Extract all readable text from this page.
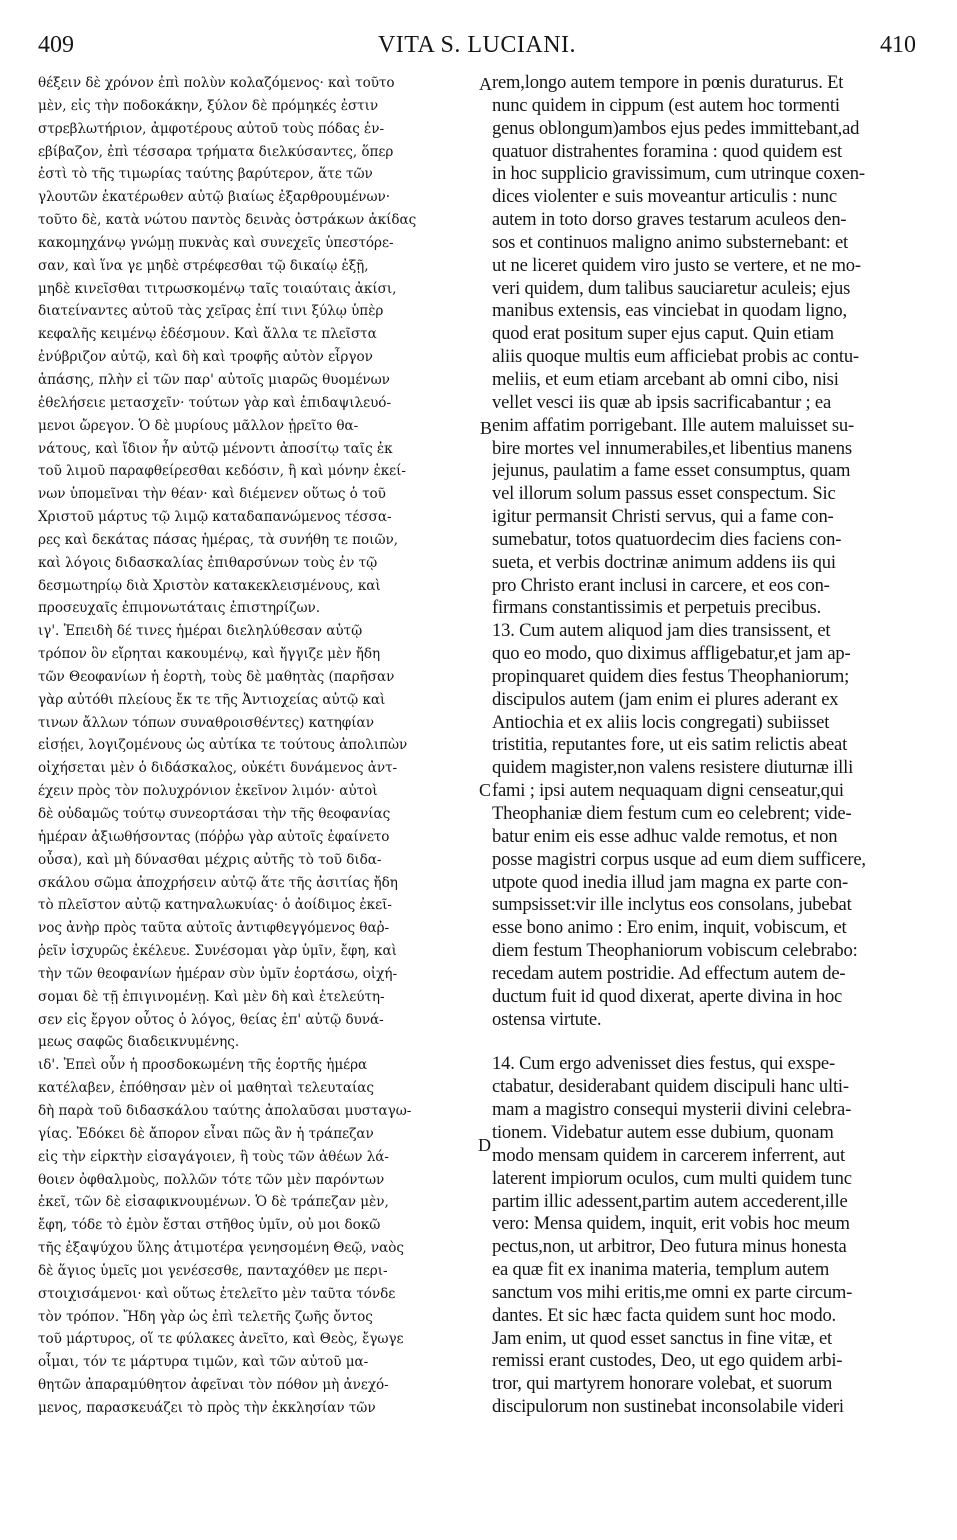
409	VITA S. LUCIANI.	410
θέξειν δὲ χρόνον ἐπὶ πολὺν κολαζόμενος· καὶ τοῦτο
μὲν, εἰς τὴν ποδοκάκην, ξύλον δὲ πρόμηκές ἐστιν
στρεβλωτήριον, ἀμφοτέρους αὐτοῦ τοὺς πόδας ἐν-
εβίβαζον, ἐπὶ τέσσαρα τρήματα διελκύσαντες, ὅπερ
ἐστὶ τὸ τῆς τιμωρίας ταύτης βαρύτερον, ἅτε τῶν
γλουτῶν ἑκατέρωθεν αὐτῷ βιαίως ἐξαρθρουμένων·
τοῦτο δὲ, κατὰ νώτου παντὸς δεινὰς ὀστράκων ἀκίδας
κακομηχάνῳ γνώμῃ πυκνὰς καὶ συνεχεῖς ὑπεστόρε-
σαν, καὶ ἵνα γε μηδὲ στρέφεσθαι τῷ δικαίῳ ἐξῇ,
μηδὲ κινεῖσθαι τιτρωσκομένῳ ταῖς τοιαύταις ἀκίσι,
διατείναντες αὐτοῦ τὰς χεῖρας ἐπί τινι ξύλῳ ὑπὲρ
κεφαλῆς κειμένῳ ἐδέσμουν. Καὶ ἄλλα τε πλεῖστα
ἐνύβριζον αὐτῷ, καὶ δὴ καὶ τροφῆς αὐτὸν εἶργον
ἁπάσης, πλὴν εἰ τῶν παρ' αὐτοῖς μιαρῶς θυομένων
ἐθελήσειε μετασχεῖν· τούτων γὰρ καὶ ἐπιδαψιλευό-
μενοι ὤρεγον. Ὁ δὲ μυρίους μᾶλλον ᾑρεῖτο θα-
νάτους, καὶ ἴδιον ἦν αὐτῷ μένοντι ἀποσίτῳ ταῖς ἐκ
τοῦ λιμοῦ παραφθείρεσθαι κεδόσιν, ἢ καὶ μόνην ἐκεί-
νων ὑπομεῖναι τὴν θέαν· καὶ διέμενεν οὕτως ὁ τοῦ
Χριστοῦ μάρτυς τῷ λιμῷ καταδαπανώμενος τέσσα-
ρες καὶ δεκάτας πάσας ἡμέρας, τὰ συνήθη τε ποιῶν,
καὶ λόγοις διδασκαλίας ἐπιθαρσύνων τοὺς ἐν τῷ
δεσμωτηρίῳ διὰ Χριστὸν κατακεκλεισμένους, καὶ
προσευχαῖς ἐπιμονωτάταις ἐπιστηρίζων.
ιγ'. Ἐπειδὴ δέ τινες ἡμέραι διεληλύθεσαν αὐτῷ
τρόπον ὃν εἴρηται κακουμένῳ, καὶ ἤγγιζε μὲν ἤδη
τῶν Θεοφανίων ἡ ἑορτὴ, τοὺς δὲ μαθητὰς (παρῆσαν
γὰρ αὐτόθι πλείους ἔκ τε τῆς Ἀντιοχείας αὐτῷ καὶ
τινων ἄλλων τόπων συναθροισθέντες) κατηφίαν
εἰσῄει, λογιζομένους ὡς αὐτίκα τε τούτους ἀπολιπὼν
οἰχήσεται μὲν ὁ διδάσκαλος, οὐκέτι δυνάμενος ἀντ-
έχειν πρὸς τὸν πολυχρόνιον ἐκεῖνον λιμόν· αὐτοὶ
δὲ οὐδαμῶς τούτῳ συνεορτάσαι τὴν τῆς θεοφανίας
ἡμέραν ἀξιωθήσοντας (πόῤῥω γὰρ αὐτοῖς ἐφαίνετο
οὖσα), καὶ μὴ δύνασθαι μέχρις αὐτῆς τὸ τοῦ διδα-
σκάλου σῶμα ἀποχρήσειν αὐτῷ ἅτε τῆς ἀσιτίας ἤδη
τὸ πλεῖστον αὐτῷ κατηναλωκυίας· ὁ ἀοίδιμος ἐκεῖ-
νος ἀνὴρ πρὸς ταῦτα αὐτοῖς ἀντιφθεγγόμενος θαῤ-
ῥεῖν ἰσχυρῶς ἐκέλευε. Συνέσομαι γὰρ ὑμῖν, ἔφη, καὶ
τὴν τῶν θεοφανίων ἡμέραν σὺν ὑμῖν ἑορτάσω, οἰχή-
σομαι δὲ τῇ ἐπιγινομένῃ. Καὶ μὲν δὴ καὶ ἐτελεύτη-
σεν εἰς ἔργον οὗτος ὁ λόγος, θείας ἐπ' αὐτῷ δυνά-
μεως σαφῶς διαδεικνυμένης.
ιδ'. Ἐπεὶ οὖν ἡ προσδοκωμένη τῆς ἑορτῆς ἡμέρα
κατέλαβεν, ἐπόθησαν μὲν οἱ μαθηταὶ τελευταίας
δὴ παρὰ τοῦ διδασκάλου ταύτης ἀπολαῦσαι μυσταγω-
γίας. Ἐδόκει δὲ ἄπορον εἶναι πῶς ἂν ἡ τράπεζαν
εἰς τὴν εἱρκτὴν εἰσαγάγοιεν, ἢ τοὺς τῶν ἀθέων λά-
θοιεν ὀφθαλμοὺς, πολλῶν τότε τῶν μὲν παρόντων
ἐκεῖ, τῶν δὲ εἰσαφικνουμένων. Ὁ δὲ τράπεζαν μὲν,
ἔφη, τόδε τὸ ἐμὸν ἔσται στῆθος ὑμῖν, οὐ μοι δοκῶ
τῆς ἐξαψύχου ὕλης ἀτιμοτέρα γενησομένη Θεῷ, ναὸς
δὲ ἅγιος ὑμεῖς μοι γενέσεσθε, πανταχόθεν με περι-
στοιχισάμενοι· καὶ οὕτως ἐτελεῖτο μὲν ταῦτα τόνδε
τὸν τρόπον. Ἤδη γὰρ ὡς ἐπὶ τελετῆς ζωῆς ὄντος
τοῦ μάρτυρος, οἵ τε φύλακες ἀνεῖτο, καὶ Θεὸς, ἔγωγε
οἶμαι, τόν τε μάρτυρα τιμῶν, καὶ τῶν αὐτοῦ μα-
θητῶν ἀπαραμύθητον ἀφεῖναι τὸν πόθον μὴ ἀνεχό-
μενος, παρασκευάζει τὸ πρὸς τὴν ἐκκλησίαν τῶν
rem,longo autem tempore in pœnis duraturus. Et
nunc quidem in cippum (est autem hoc tormenti
genus oblongum)ambos ejus pedes immittebant,ad
quatuor distrahentes foramina : quod quidem est
in hoc supplicio gravissimum, cum utrinque coxen-
dices violenter e suis moveantur articulis : nunc
autem in toto dorso graves testarum aculeos den-
sos et continuos maligno animo substernebant: et
ut ne liceret quidem viro justo se vertere, et ne mo-
veri quidem, dum talibus sauciaretur aculeis; ejus
manibus extensis, eas vinciebat in quodam ligno,
quod erat positum super ejus caput. Quin etiam
aliis quoque multis eum afficiebat probis ac contu-
meliis, et eum etiam arcebant ab omni cibo, nisi
vellet vesci iis quæ ab ipsis sacrificabantur ; ea
enim affatim porrigebant. Ille autem maluisset su-
bire mortes vel innumerabiles,et libentius manens
jejunus, paulatim a fame esset consumptus, quam
vel illorum solum passus esset conspectum. Sic
igitur permansit Christi servus, qui a fame con-
sumebatur, totos quatuordecim dies faciens con-
sueta, et verbis doctrinæ animum addens iis qui
pro Christo erant inclusi in carcere, et eos con-
firmans constantissimis et perpetuis precibus.
13. Cum autem aliquod jam dies transissent, et
quo eo modo, quo diximus affligebatur,et jam ap-
propinquaret quidem dies festus Theophaniorum;
discipulos autem (jam enim ei plures aderant ex
Antiochia et ex aliis locis congregati) subiisset
tristitia, reputantes fore, ut eis satim relictis abeat
quidem magister,non valens resistere diuturnæ illi
fami ; ipsi autem nequaquam digni censeatur,qui
Theophaniæ diem festum cum eo celebrent; vide-
batur enim eis esse adhuc valde remotus, et non
posse magistri corpus usque ad eum diem sufficere,
utpote quod inedia illud jam magna ex parte con-
sumpsisset:vir ille inclytus eos consolans, jubebat
esse bono animo : Ero enim, inquit, vobiscum, et
diem festum Theophaniorum vobiscum celebrabo:
recedam autem postridie. Ad effectum autem de-
ductum fuit id quod dixerat, aperte divina in hoc
ostensa virtute.
14. Cum ergo advenisset dies festus, qui exspe-
ctabatur, desiderabant quidem discipuli hanc ulti-
mam a magistro consequi mysterii divini celebra-
tionem. Videbatur autem esse dubium, quonam
modo mensam quidem in carcerem inferrent, aut
laterent impiorum oculos, cum multi quidem tunc
partim illic adessent,partim autem accederent,ille
vero: Mensa quidem, inquit, erit vobis hoc meum
pectus,non, ut arbitror, Deo futura minus honesta
ea quæ fit ex inanima materia, templum autem
sanctum vos mihi eritis,me omni ex parte circum-
dantes. Et sic hæc facta quidem sunt hoc modo.
Jam enim, ut quod esset sanctus in fine vitæ, et
remissi erant custodes, Deo, ut ego quidem arbi-
tror, qui martyrem honorare volebat, et suorum
discipulorum non sustinebat inconsolabile videri
A
B
C
D
